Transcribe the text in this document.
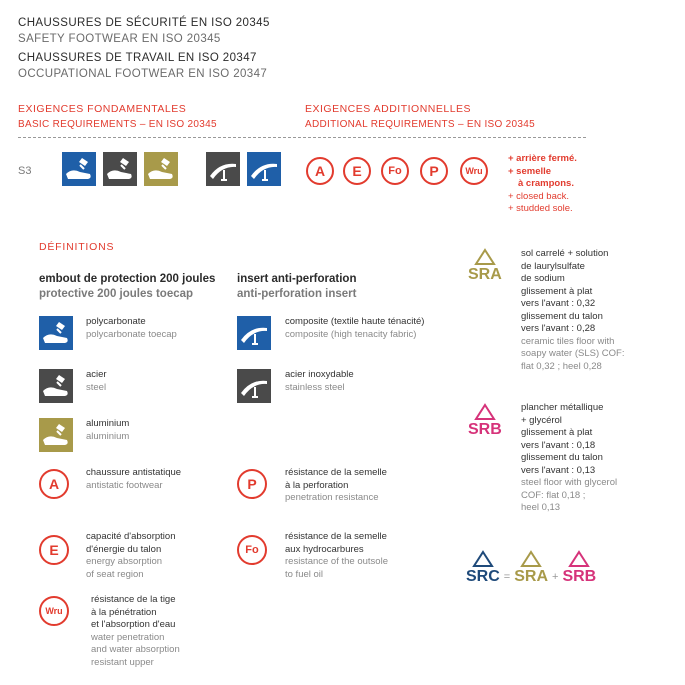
CHAUSSURES DE SÉCURITÉ EN ISO 20345
SAFETY FOOTWEAR EN ISO 20345
CHAUSSURES DE TRAVAIL EN ISO 20347
OCCUPATIONAL FOOTWEAR EN ISO 20347
EXIGENCES FONDAMENTALES
BASIC REQUIREMENTS – EN ISO 20345
EXIGENCES ADDITIONNELLES
ADDITIONAL REQUIREMENTS – EN ISO 20345
S3	A	E	Fo	P	Wru
+ arrière fermé.
+ semelle
à crampons.
+ closed back.
+ studded sole.
DÉFINITIONS
embout de protection 200 joules
protective 200 joules toecap
insert anti-perforation
anti-perforation insert
polycarbonate
polycarbonate toecap
acier
steel
aluminium
aluminium
composite (textile haute ténacité)
composite (high tenacity fabric)
acier inoxydable
stainless steel
A
chaussure antistatique
antistatic footwear	P
résistance de la semelle
à la perforation
penetration resistance
E
capacité d'absorption
d'énergie du talon
energy absorption
of seat region
Fo
résistance de la semelle
aux hydrocarbures
resistance of the outsole
to fuel oil
Wru
résistance de la tige
à la pénétration
et l'absorption d'eau
water penetration
and water absorption
resistant upper
SRA
sol carrelé + solution
de laurylsulfate
de sodium
glissement à plat
vers l'avant : 0,32
glissement du talon
vers l'avant : 0,28
ceramic tiles floor with
soapy water (SLS) COF:
flat 0,32 ; heel 0,28
SRB
plancher métallique
+ glycérol
glissement à plat
vers l'avant : 0,18
glissement du talon
vers l'avant : 0,13
steel floor with glycerol
COF: flat 0,18 ;
heel 0,13
SRC = SRA + SRB
